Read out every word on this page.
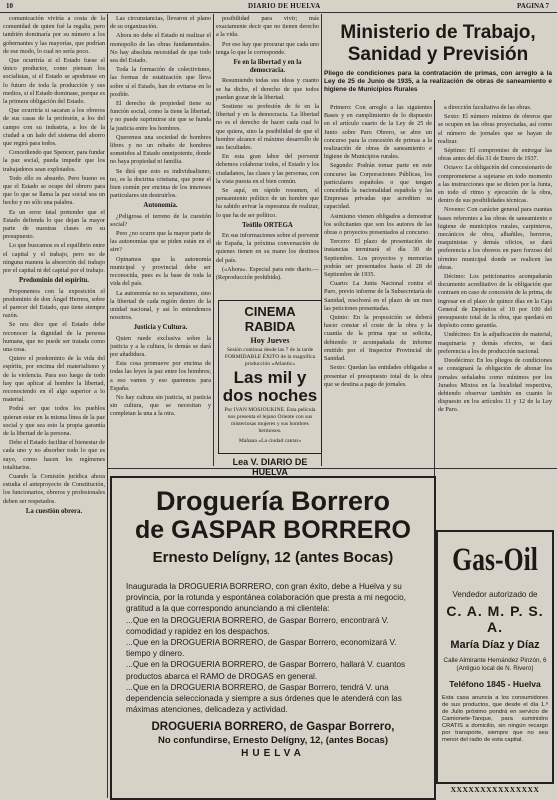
10	DIARIO DE HUELVA	PAGINA 7

comunicación viviría a costa de la comunidad de quien fué la regalia, pero también dominaría por su número a los gobernantes y las mayorías, que podrían de ese modo, lo cual no sería poco.

Que ocurriría si el Estado fuese el único productor, como piensan los socialistas, si el Estado se apoderase en lo futuro de toda la producción y sus medios, si el Estado dominase, porque es la primera obligación del Estado.

Que ocurriría si sacaran a los obreros de sus casas de la profesión, a los del campo con su industria, a los de la ciudad a un lado del sistema del ahorro que regirá para todos.

Concediendo que Spencer, para fundar la paz social, pueda impedir que los trabajadores sean explotados.

Todo ello es absurdo. Pero bueno es que el Estado se ocupe del obrero para que lo que se llama la paz social sea un hecho y no sólo una palabra.

Es un error fatal pretender que el Estado defienda lo que dejan la mayor parte de nuestras clases en su presupuesto.

Lo que buscamos es el equilibrio entre el capital y el trabajo, pero no de ninguna manera la absorción del trabajo por el capital ni del capital por el trabajo.

Predominio del espíritu.

Proponemos con la exposición el predominio de don Ángel Herrera, sobre el parecer del Estado, que tiene siempre razón.

Se nos dice que el Estado debe reconocer la dignidad de la persona humana, que no puede ser tratada como una cosa.

Quiere el predominio de la vida del espíritu, por encima del materialismo y de la violencia. Para eso luego de todo hay que aplicar al hombre la libertad, reconociendo en él algo superior a lo material.

Podrá ser que todos los pueblos quieran estar en la misma línea de la paz social y que sea esto la propia garantía de la libertad de la persona.

Debe el Estado facilitar el bienestar de cada uno y no absorber todo lo que es suyo, como hacen los regímenes totalitarios.

Cuando la Comisión jurídica ahora estudia el anteproyecto de Constitución, los funcionarios, obreros y profesionales deben ser respetados.

La cuestión obrera.

Las circunstancias, llevaron el plano de su organización.

Ahora no debe el Estado ni realizar el monopolio de las obras fundamentales. No hay absoluta necesidad de que todo sea del Estado.

Toda la formación de colectivismo, las formas de estatización que lleva sobre sí el Estado, han de evitarse en lo posible.

El derecho de propiedad tiene su función social, como la tiene la libertad, y no puede suprimirse sin que se hunda la justicia entre los hombres.

Queremos una sociedad de hombres libres y no un rebaño de hombres sometidos al Estado omnipotente, donde no haya propiedad ni familia.

Se dirá que esto es individualismo; no, es la doctrina cristiana, que pone el bien común por encima de los intereses particulares sin destruirlos.

Autonomía.

¿Peligrosa el terreno de la cuestión social?

Pero ¿no ocurre que la mayor parte de las autonomías que se piden están en el aire?

Opinamos que la autonomía municipal y provincial debe ser reconocida, pues es la base de toda la vida del país.

La autonomía no es separatismo, sino la libertad de cada región dentro de la unidad nacional, y así lo entendemos nosotros.

Justicia y Cultura.

Quien ruede exclusiva sobre la justicia y a la cultura, lo demás se dará por añadidura.

Esta cosa promueve por encima de todas las leyes la paz entre los hombres; a eso vamos y eso queremos para España.

No hay cultura sin justicia, ni justicia sin cultura, que se necesitan y completan la una a la otra.

posibilidad para vivir; más exactamente decir que no tienen derecho a la vida.

Por eso hay que procurar que cada uno tenga lo que le corresponde.

Fe en la libertad y en la democracia.

Resumiendo todas sus ideas y cuanto se ha dicho, el derecho de que todos puedan gozar de la libertad.

Sostiene su profesión de fe en la libertad y en la democracia. La libertad no es el derecho de hacer cada cual lo que quiera, sino la posibilidad de que el hombre alcance el máximo desarrollo de sus facultades.

En esta gran labor del porvenir debemos colaborar todos, el Estado y los ciudadanos, las clases y las personas, con la vista puesta en el bien común.

Se aquí, en rápido resumen, el pensamiento político de un hombre que ha sabido avivar la esperanza de realizar, lo que ha de ser político.

Teófilo ORTEGA

En sus informaciones sobre el porvenir de España, la próxima conversación de quienes tienen en su mano los destinos del país.

(«Ahora». Especial para este diario.—(Reproducción prohibida).

CINEMA RABIDA
Hoy Jueves
Sesión continua desde las 7 de la tarde FORMIDABLE ÉXITO de la magnífica producción «Atlantic»
Las mil y dos noches
Por IVAN MOSJOUKINE. Esta película nos presenta el lejano Oriente con sus misteriosas mujeres y sus hombres hermosos.
Mañana «La ciudad cantar»
Lea V. DIARIO DE HUELVA
Ministerio de Trabajo, Sanidad y Previsión
Pliego de condiciones para la contratación de primas, con arreglo a la Ley de 25 de Junio de 1935, a la realización de obras de saneamiento e higiene de Municipios Rurales

Primero: Con arreglo a las siguientes Bases y en cumplimiento de lo dispuesto en el artículo cuarto de la Ley de 25 de Junio sobre Paro Obrero, se abre un concurso para la concesión de primas a la realización de obras de saneamiento e higiene de Municipios rurales.

Segundo: Podrán tomar parte en este concurso las Corporaciones Públicas, los particulares españoles o que tengan concedida la nacionalidad española y las Empresas privadas que acrediten su capacidad.

Asimismo vienen obligados a demostrar los solicitantes que son los autores de las obras o proyectos presentados al concurso.

Tercero: El plazo de presentación de instancias terminará el día 30 de Septiembre. Los proyectos y memorias podrán ser presentados hasta el 28 de Septiembre de 1935.

Cuarto: La Junta Nacional contra el Paro, previo informe de la Subsecretaría de Sanidad, resolverá en el plazo de un mes las peticiones presentadas.

Quinto: En la proposición se deberá hacer constar el coste de la obra y la cuantía de la prima que se solicita, debiendo ir acompañada de informe emitido por el Inspector Provincial de Sanidad.

Sexto: Quedan las entidades obligadas a presentar el presupuesto total de la obra que se destina a pago de jornales.

a dirección facultativa de las obras.

Sexto: El número mínimo de obreros que se ocupen en las obras proyectadas, así como el número de jornales que se hayan de realizar.

Séptimo: El compromiso de entregar las obras antes del día 31 de Enero de 1937.

Octavo: La obligación del concesionario de comprometerse a sujetarse en todo momento a las instrucciones que se dicten por la Junta, en todo el ritmo y ejecución de la obra, dentro de sus posibilidades técnicas.

Noveno: Con carácter general para cuantas bases referentes a las obras de saneamiento e higiene de municipios rurales, carpinteros, mecánicos de obra, albañiles, herreros, maquinistas y demás oficios, se dará preferencia a los obreros en paro forzoso del término municipal donde se realicen las obras.

Décimo: Los peticionarios acompañarán documento acreditativo de la obligación que contraen en caso de concesión de la prima, de ingresar en el plazo de quince días en la Caja General de Depósitos el 10 por 100 del presupuesto total de la obra, que quedará en depósito como garantía.

Undécimo: En la adjudicación de material, maquinaria y demás efectos, se dará preferencia a los de producción nacional.

Duodécimo: En los pliegos de condiciones se consignará la obligación de abonar los jornales señalados como mínimos por los Jurados Mixtos en la localidad respectiva, debiendo observar también en cuanto lo dispuesto en los artículos 11 y 12 de la Ley de Paro.

Droguería Borrero
de GASPAR BORRERO
Ernesto Delígny, 12 (antes Bocas)

Inaugurada la DROGUERIA BORRERO, con gran éxito, debe a Huelva y su provincia, por la rotunda y espontánea colaboración que presta a mi negocio, gratitud a la que correspondo anunciando a mi clientela:

...Que en la DROGUERIA BORRERO, de Gaspar Borrero, encontrará V. comodidad y rapidez en los despachos.

...Que en la DROGUERIA BORRERO, de Gaspar Borrero, economizará V. tiempo y dinero.

...Que en la DROGUERIA BORRERO, de Gaspar Borrero, hallará V. cuantos productos abarca el RAMO de DROGAS en general.

...Que en la DROGUERIA BORRERO, de Gaspar Borrero, tendrá V. una dependencia seleccionada y siempre a sus órdenes que le atenderá con las máximas atenciones, delicadeza y actividad.

DROGUERIA BORRERO, de Gaspar Borrero,
No confundirse, Ernesto Delígny, 12, (antes Bocas)
HUELVA
Gas-Oil
Vendedor autorizado de
C. A. M. P. S. A.
María Díaz y Díaz
Calle Almirante Hernández Pinzón, 6 (Antiguo local de N. Rivero)
Teléfono 1845 - Huelva
Esta casa anuncia a los consumidores de sus productos, que desde el día 1.º de Julio próximo pondrá en servicio de Camionete-Tanque, para suministro CRATIS a domicilio, sin ningún recargo por transporte, siempre que no sea menor del radio de esta capital.
XXXXXXXXXXXXXXX
